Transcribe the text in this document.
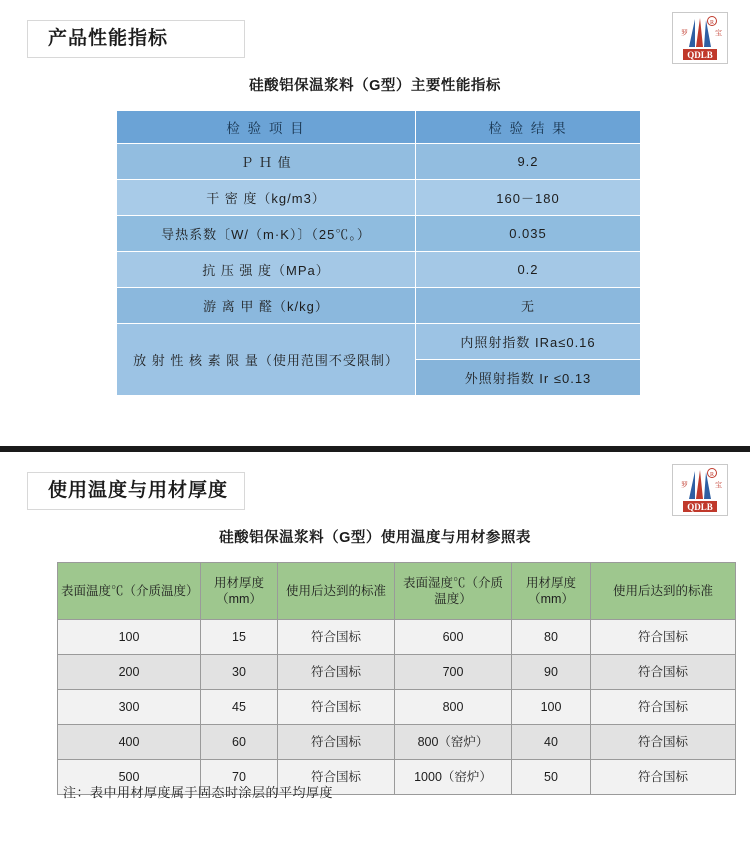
产品性能指标
R
罗	宝
QDLB
硅酸铝保温浆料（G型）主要性能指标
检 验 项 目	检 验 结 果
Ｐ Ｈ 值	9.2
干 密 度（kg/m3）	160－180
导热系数〔W/（m·K）〕（25℃。）	0.035
抗 压 强 度（MPa）	0.2
游 离 甲 醛（k/kg）	无
放 射 性 核 素 限 量（使用范围不受限制）	内照射指数 IRa≤0.16
	外照射指数 Ir ≤0.13
使用温度与用材厚度
R
罗	宝
QDLB
硅酸铝保温浆料（G型）使用温度与用材参照表
表面温度℃（介质温度）	用材厚度（mm）	使用后达到的标准	表面湿度℃（介质温度）	用材厚度（mm）	使用后达到的标准
100	15	符合国标	600	80	符合国标
200	30	符合国标	700	90	符合国标
300	45	符合国标	800	100	符合国标
400	60	符合国标	800（窑炉）	40	符合国标
500	70	符合国标	1000（窑炉）	50	符合国标
注：表中用材厚度属于固态时涂层的平均厚度
